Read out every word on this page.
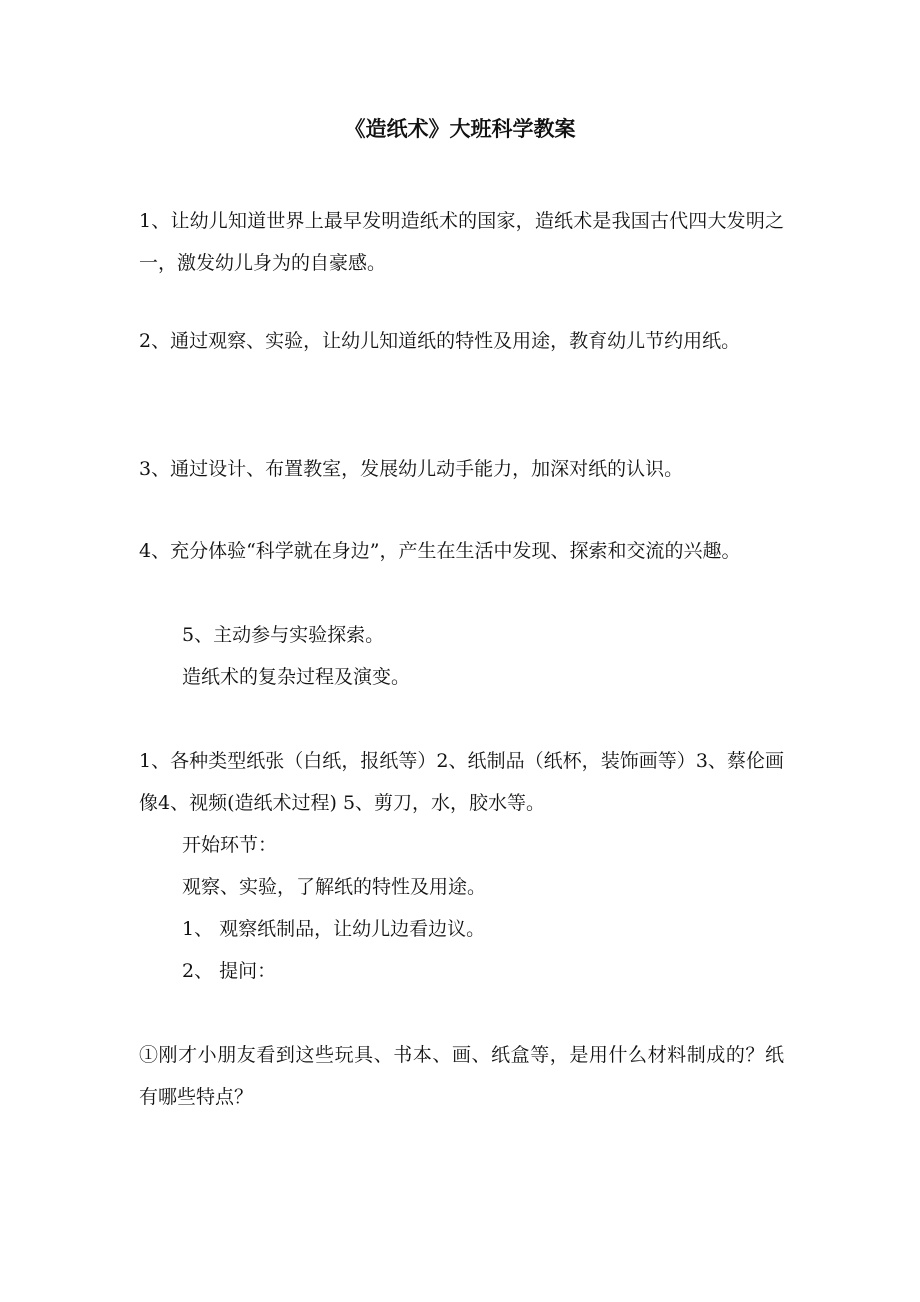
《造纸术》大班科学教案
1、让幼儿知道世界上最早发明造纸术的国家，造纸术是我国古代四大发明之一，激发幼儿身为的自豪感。
2、通过观察、实验，让幼儿知道纸的特性及用途，教育幼儿节约用纸。
3、通过设计、布置教室，发展幼儿动手能力，加深对纸的认识。
4、充分体验“科学就在身边”，产生在生活中发现、探索和交流的兴趣。
5、主动参与实验探索。
造纸术的复杂过程及演变。
1、各种类型纸张（白纸，报纸等）2、纸制品（纸杯，装饰画等）3、蔡伦画像4、视频(造纸术过程) 5、剪刀，水，胶水等。
开始环节：
观察、实验，了解纸的特性及用途。
1、 观察纸制品，让幼儿边看边议。
2、 提问：
①刚才小朋友看到这些玩具、书本、画、纸盒等，是用什么材料制成的？纸有哪些特点？
